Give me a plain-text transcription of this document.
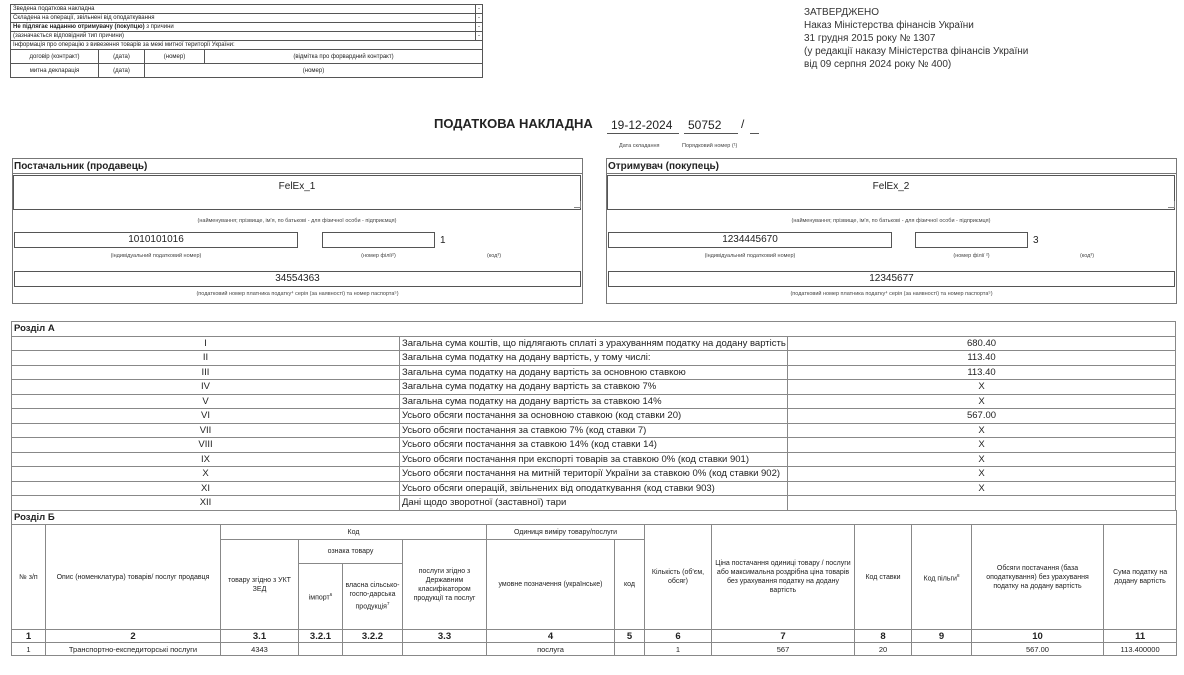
Зведена податкова накладна				-
Складена на операції, звільнені від оподаткування				-
Не підлягає наданню отримувачу (покупцю) з причини				-
(зазначається відповідний тип причини)				-
Інформація про операцію з вивезення товарів за межі митної території України:				
договір (контракт)	(дата)	(номер)	(відмітка про форвардний контракт)	
митна декларація	(дата)	(номер)		
ЗАТВЕРДЖЕНО
Наказ Міністерства фінансів України
31 грудня 2015 року № 1307
(у редакції наказу Міністерства фінансів України
від 09 серпня 2024 року № 400)
ПОДАТКОВА НАКЛАДНА	19-12-2024	50752	/
Дата складання	Порядковий номер (¹)
Постачальник (продавець)
FelEx_1
(найменування; прізвище, ім'я, по батькові - для фізичної особи - підприємця)
1010101016	1
(індивідуальний податковий номер)	(номер філії²)	(код³)
34554363
(податковий номер платника податку⁴ серія (за наявності) та номер паспорта⁵)
Отримувач (покупець)
FelEx_2
(найменування; прізвище, ім'я, по батькові - для фізичної особи - підприємця)
1234445670	3
(індивідуальний податковий номер)	(номер філії ²)	(код³)
12345677
(податковий номер платника податку⁴ серія (за наявності) та номер паспорта⁵)
Розділ А		
I	Загальна сума коштів, що підлягають сплаті з урахуванням податку на додану вартість	680.40
II	Загальна сума податку на додану вартість, у тому числі:	113.40
III	Загальна сума податку на додану вартість за основною ставкою	113.40
IV	Загальна сума податку на додану вартість за ставкою 7%	X
V	Загальна сума податку на додану вартість за ставкою 14%	X
VI	Усього обсяги постачання за основною ставкою (код ставки 20)	567.00
VII	Усього обсяги постачання за ставкою 7% (код ставки 7)	X
VIII	Усього обсяги постачання за ставкою 14% (код ставки 14)	X
IX	Усього обсяги постачання при експорті товарів за ставкою 0% (код ставки 901)	X
X	Усього обсяги постачання на митній території України за ставкою 0% (код ставки 902)	X
XI	Усього обсяги операцій, звільнених від оподаткування (код ставки 903)	X
XII	Дані щодо зворотної (заставної) тари	
Розділ Б													
№ з/п	Опис (номенклатура) товарів/ послуг продавця	Код				Одиниця виміру товару/послуги		Кількість (об'єм, обсяг)	Ціна постачання одиниці товару / послуги або максимальна роздрібна ціна товарів без урахування податку на додану вартість	Код ставки	Код пільги$^8$	Обсяги постачання (база оподаткування) без урахування податку на додану вартість	Сума податку на додану вартість
		товару згідно з УКТ ЗЕД	ознака товару		послуги згідно з Державним класифікатором продукції та послуг	умовне позначення (українське)	код						
			імпорт$^6$	власна сільсько-госпо-дарська продукція$^7$

1	2	3.1	3.2.1	3.2.2	3.3	4	5	6	7	8	9	10	11
1	Транспортно-експедиторські послуги	4343				послуга		1	567	20		567.00	113.400000
